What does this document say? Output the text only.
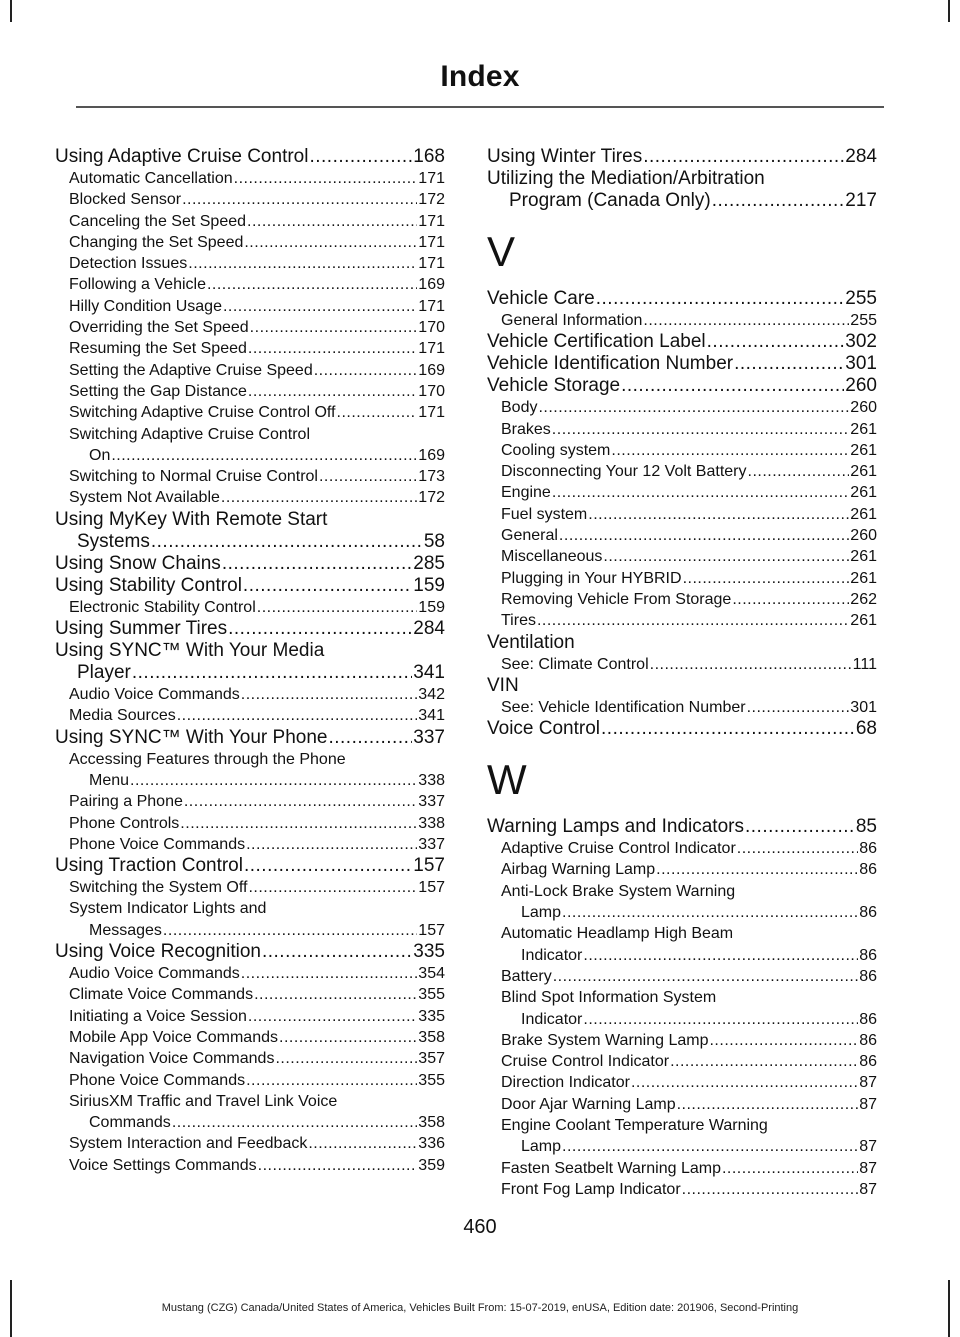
Index
Using Adaptive Cruise Control .....	168
Automatic Cancellation .....	171
Blocked Sensor .....	172
Canceling the Set Speed .....	171
Changing the Set Speed .....	171
Detection Issues .....	171
Following a Vehicle .....	169
Hilly Condition Usage .....	171
Overriding the Set Speed .....	170
Resuming the Set Speed .....	171
Setting the Adaptive Cruise Speed .....	169
Setting the Gap Distance .....	170
Switching Adaptive Cruise Control Off .....	171
Switching Adaptive Cruise Control
On .....	169
Switching to Normal Cruise Control .....	173
System Not Available .....	172
Using MyKey With Remote Start
Systems .....	58
Using Snow Chains .....	285
Using Stability Control .....	159
Electronic Stability Control .....	159
Using Summer Tires .....	284
Using SYNC™ With Your Media
Player .....	341
Audio Voice Commands .....	342
Media Sources .....	341
Using SYNC™ With Your Phone .....	337
Accessing Features through the Phone
Menu .....	338
Pairing a Phone .....	337
Phone Controls .....	338
Phone Voice Commands .....	337
Using Traction Control .....	157
Switching the System Off .....	157
System Indicator Lights and
Messages .....	157
Using Voice Recognition .....	335
Audio Voice Commands .....	354
Climate Voice Commands .....	355
Initiating a Voice Session .....	335
Mobile App Voice Commands .....	358
Navigation Voice Commands .....	357
Phone Voice Commands .....	355
SiriusXM Traffic and Travel Link Voice
Commands .....	358
System Interaction and Feedback .....	336
Voice Settings Commands .....	359
Using Winter Tires .....	284
Utilizing the Mediation/Arbitration
Program (Canada Only) .....	217
V
Vehicle Care .....	255
General Information .....	255
Vehicle Certification Label .....	302
Vehicle Identification Number .....	301
Vehicle Storage .....	260
Body .....	260
Brakes .....	261
Cooling system .....	261
Disconnecting Your 12 Volt Battery .....	261
Engine .....	261
Fuel system .....	261
General .....	260
Miscellaneous .....	261
Plugging in Your HYBRID .....	261
Removing Vehicle From Storage .....	262
Tires .....	261
Ventilation
See: Climate Control .....	111
VIN
See: Vehicle Identification Number .....	301
Voice Control .....	68
W
Warning Lamps and Indicators .....	85
Adaptive Cruise Control Indicator .....	86
Airbag Warning Lamp .....	86
Anti-Lock Brake System Warning
Lamp .....	86
Automatic Headlamp High Beam
Indicator .....	86
Battery .....	86
Blind Spot Information System
Indicator .....	86
Brake System Warning Lamp .....	86
Cruise Control Indicator .....	86
Direction Indicator .....	87
Door Ajar Warning Lamp .....	87
Engine Coolant Temperature Warning
Lamp .....	87
Fasten Seatbelt Warning Lamp .....	87
Front Fog Lamp Indicator .....	87
460
Mustang (CZG) Canada/United States of America, Vehicles Built From: 15-07-2019, enUSA, Edition date: 201906, Second-Printing
